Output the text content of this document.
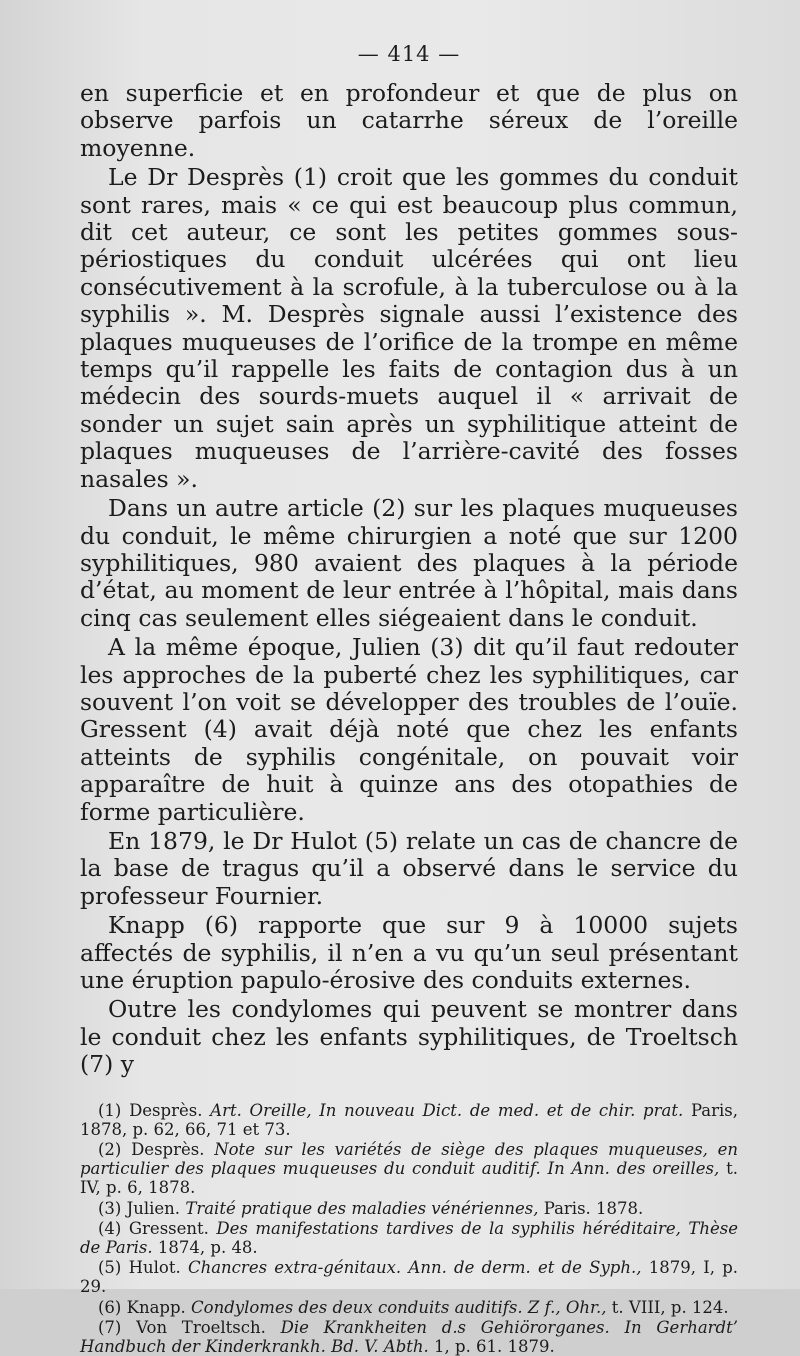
— 414 —

en superficie et en profondeur et que de plus on observe parfois un catarrhe séreux de l’oreille moyenne.

Le Dr Desprès (1) croit que les gommes du conduit sont rares, mais « ce qui est beaucoup plus commun, dit cet auteur, ce sont les petites gommes sous-périostiques du conduit ulcérées qui ont lieu consécutivement à la scrofule, à la tuberculose ou à la syphilis ». M. Desprès signale aussi l’existence des plaques muqueuses de l’orifice de la trompe en même temps qu’il rappelle les faits de contagion dus à un médecin des sourds-muets auquel il « arrivait de sonder un sujet sain après un syphilitique atteint de plaques muqueuses de l’arrière-cavité des fosses nasales ».

Dans un autre article (2) sur les plaques muqueuses du conduit, le même chirurgien a noté que sur 1200 syphilitiques, 980 avaient des plaques à la période d’état, au moment de leur entrée à l’hôpital, mais dans cinq cas seulement elles siégeaient dans le conduit.

A la même époque, Julien (3) dit qu’il faut redouter les approches de la puberté chez les syphilitiques, car souvent l’on voit se développer des troubles de l’ouïe. Gressent (4) avait déjà noté que chez les enfants atteints de syphilis congénitale, on pouvait voir apparaître de huit à quinze ans des otopathies de forme particulière.

En 1879, le Dr Hulot (5) relate un cas de chancre de la base de tragus qu’il a observé dans le service du professeur Fournier.

Knapp (6) rapporte que sur 9 à 10000 sujets affectés de syphilis, il n’en a vu qu’un seul présentant une éruption papulo-érosive des conduits externes.

Outre les condylomes qui peuvent se montrer dans le conduit chez les enfants syphilitiques, de Troeltsch (7) y

(1) Desprès. Art. Oreille, In nouveau Dict. de med. et de chir. prat. Paris, 1878, p. 62, 66, 71 et 73.

(2) Desprès. Note sur les variétés de siège des plaques muqueuses, en particulier des plaques muqueuses du conduit auditif. In Ann. des oreilles, t. IV, p. 6, 1878.

(3) Julien. Traité pratique des maladies vénériennes, Paris. 1878.

(4) Gressent. Des manifestations tardives de la syphilis héréditaire, Thèse de Paris. 1874, p. 48.

(5) Hulot. Chancres extra-génitaux. Ann. de derm. et de Syph., 1879, I, p. 29.

(6) Knapp. Condylomes des deux conduits auditifs. Z f., Ohr., t. VIII, p. 124.

(7) Von Troeltsch. Die Krankheiten d.s Gehiörorganes. In Gerhardt’ Handbuch der Kinderkrankh. Bd. V. Abth. 1, p. 61. 1879.
